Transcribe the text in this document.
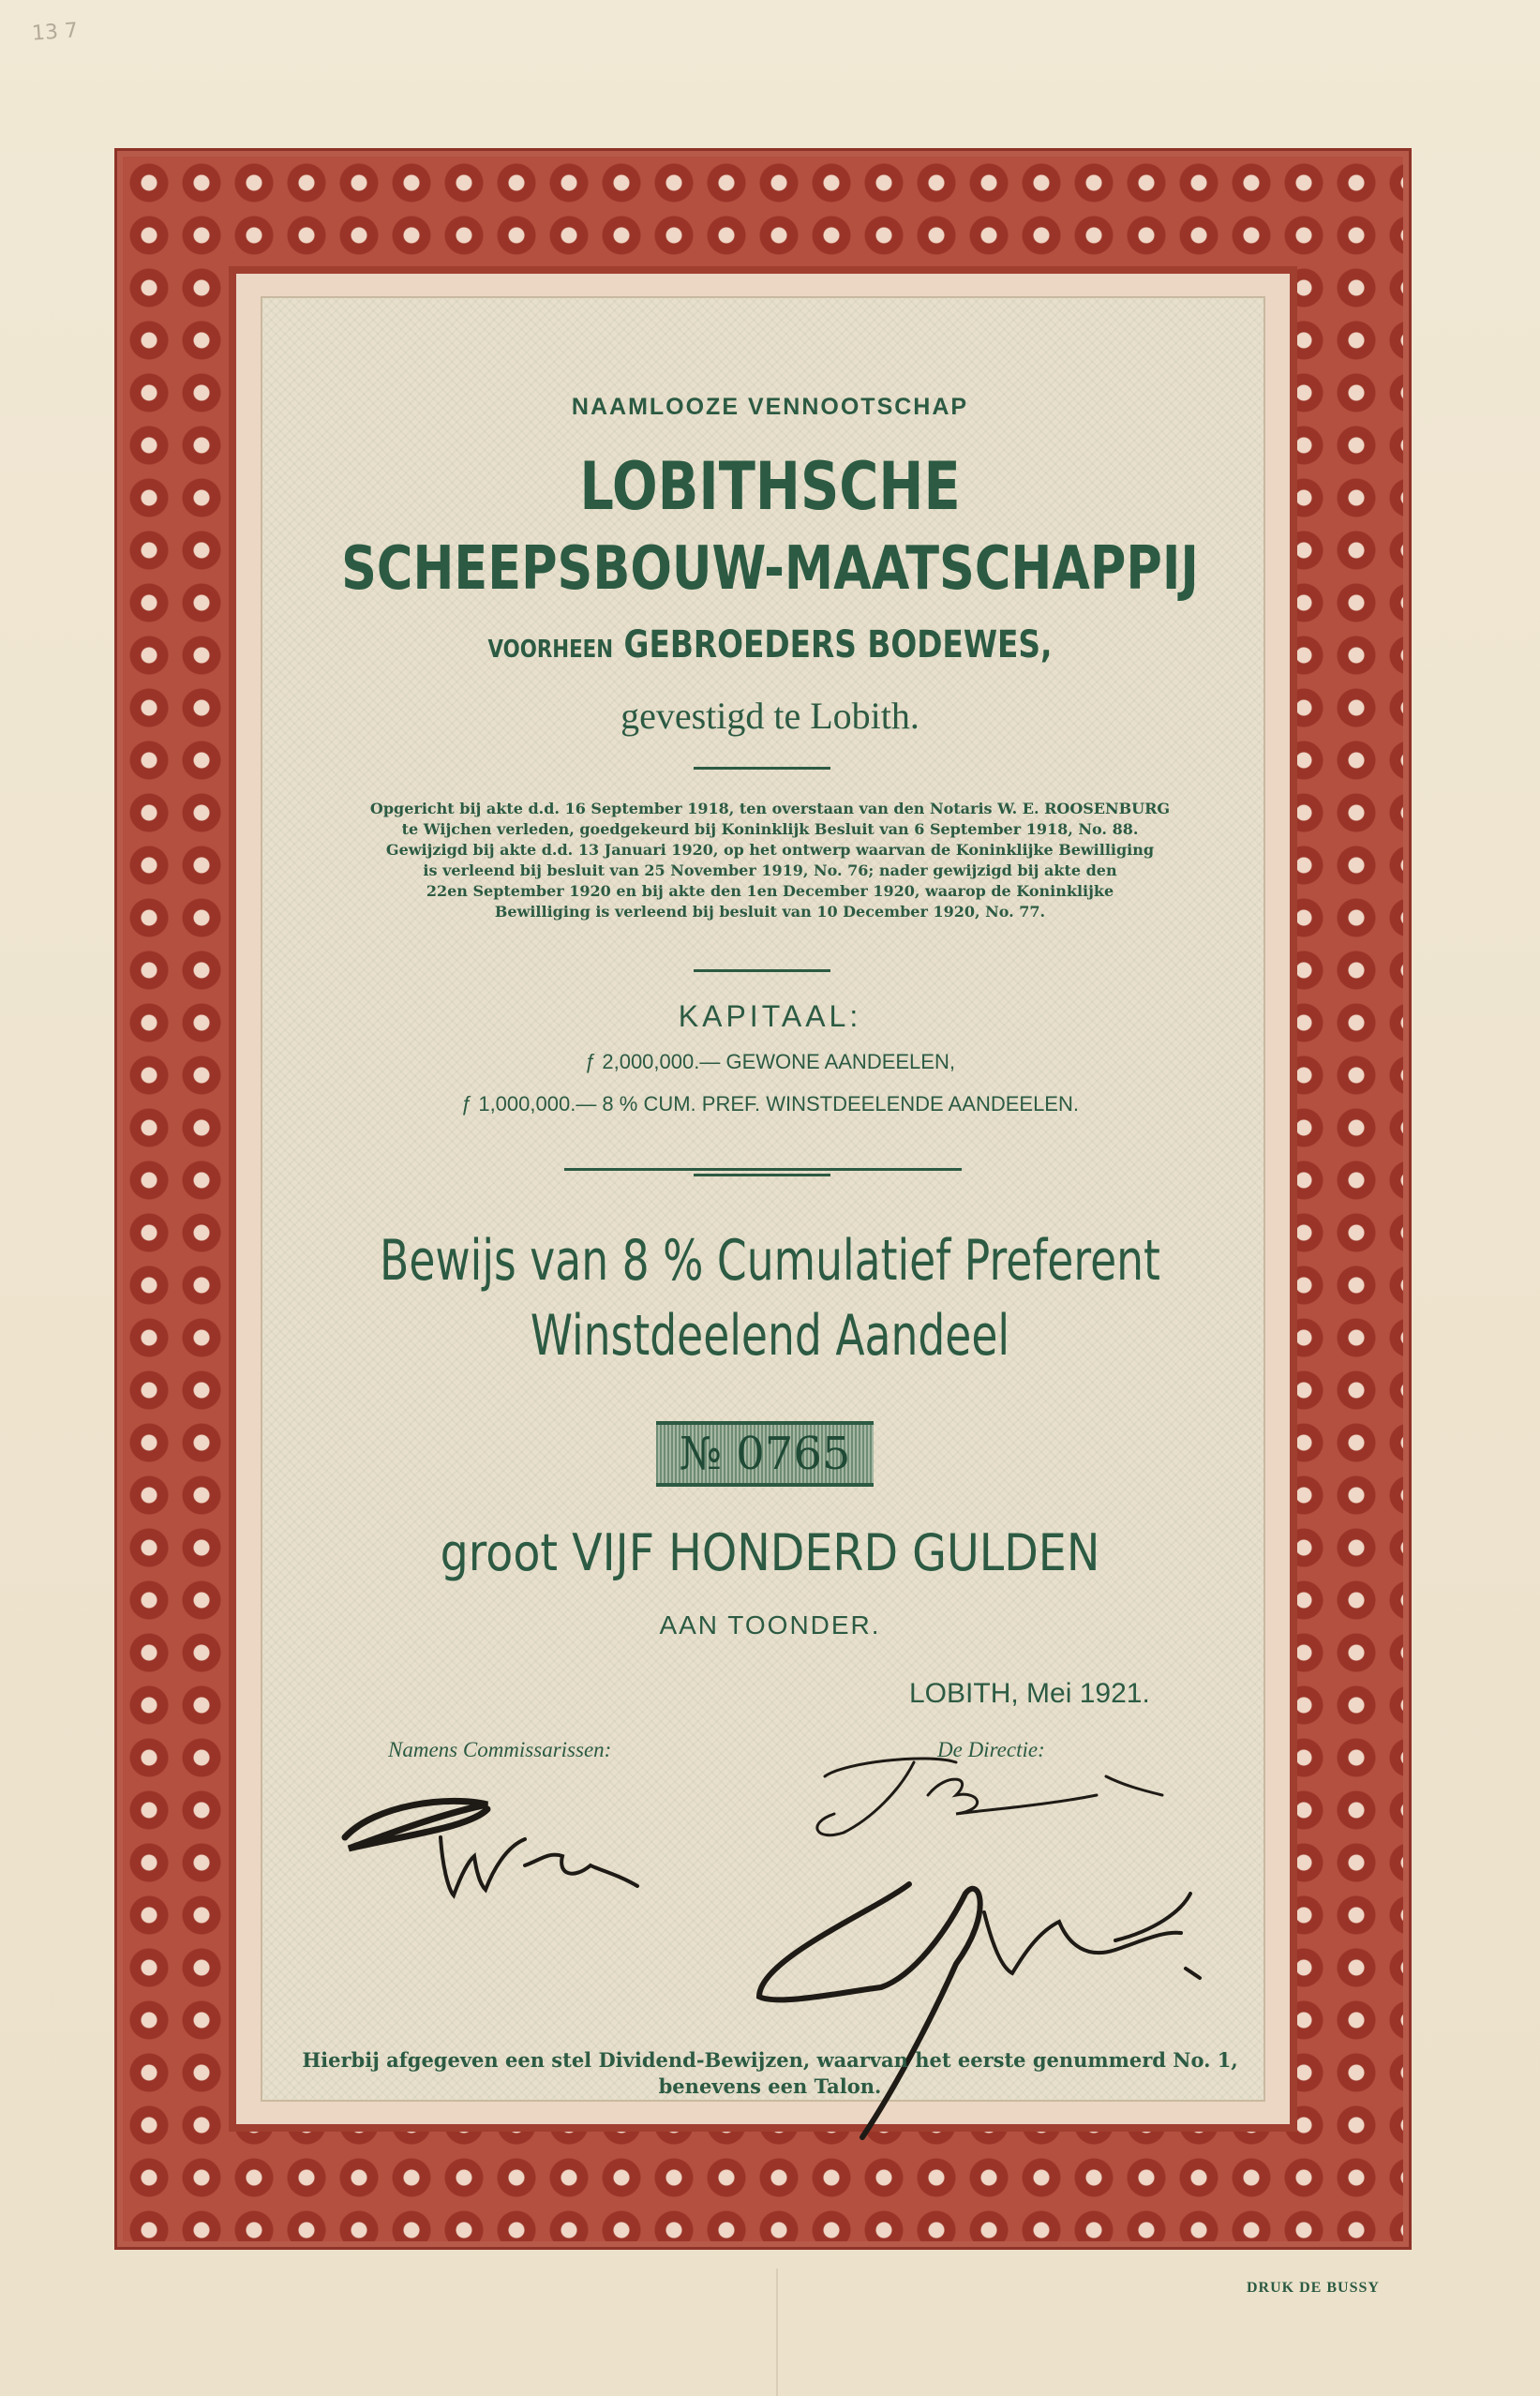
13 7
NAAMLOOZE VENNOOTSCHAP
LOBITHSCHE
SCHEEPSBOUW-MAATSCHAPPIJ
VOORHEEN GEBROEDERS BODEWES,
gevestigd te Lobith.
Opgericht bij akte d.d. 16 September 1918, ten overstaan van den Notaris W. E. ROOSENBURG
te Wijchen verleden, goedgekeurd bij Koninklijk Besluit van 6 September 1918, No. 88.
Gewijzigd bij akte d.d. 13 Januari 1920, op het ontwerp waarvan de Koninklijke Bewilliging
is verleend bij besluit van 25 November 1919, No. 76; nader gewijzigd bij akte den
22en September 1920 en bij akte den 1en December 1920, waarop de Koninklijke
Bewilliging is verleend bij besluit van 10 December 1920, No. 77.
KAPITAAL:
ƒ 2,000,000.— GEWONE AANDEELEN,
ƒ 1,000,000.— 8 % CUM. PREF. WINSTDEELENDE AANDEELEN.
Bewijs van 8 % Cumulatief Preferent
Winstdeelend Aandeel
№ 0765
groot VIJF HONDERD GULDEN
AAN TOONDER.
LOBITH, Mei 1921.
Namens Commissarissen:	De Directie:
Hierbij afgegeven een stel Dividend-Bewijzen, waarvan het eerste genummerd No. 1,
benevens een Talon.
DRUK DE BUSSY
